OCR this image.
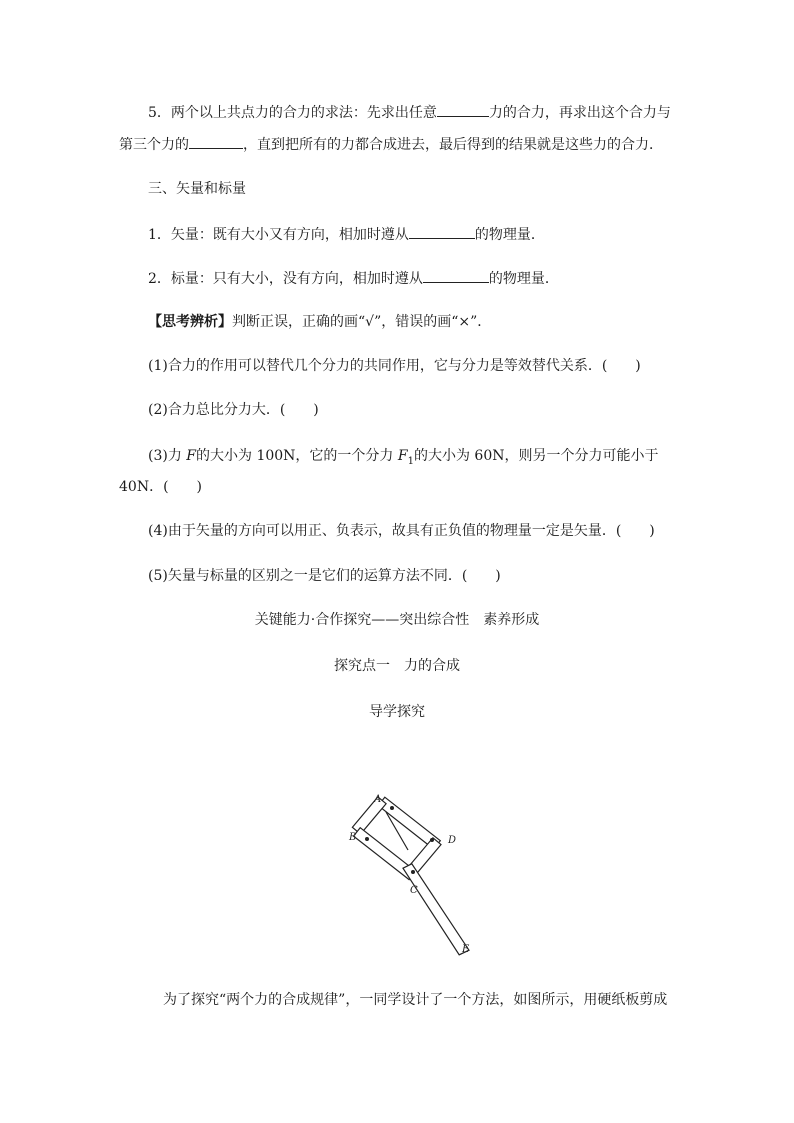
5．两个以上共点力的合力的求法：先求出任意	力的合力，再求出这个合力与
第三个力的	，直到把所有的力都合成进去，最后得到的结果就是这些力的合力．
三、矢量和标量
1．矢量：既有大小又有方向，相加时遵从	的物理量．
2．标量：只有大小，没有方向，相加时遵从	的物理量．
【思考辨析】判断正误，正确的画“√”，错误的画“×”．
(1)合力的作用可以替代几个分力的共同作用，它与分力是等效替代关系．(　　)
(2)合力总比分力大．(　　)
(3)力 F的大小为 100N，它的一个分力 $F_1$的大小为 60N，则另一个分力可能小于
40N．(　　)
(4)由于矢量的方向可以用正、负表示，故具有正负值的物理量一定是矢量．(　　)
(5)矢量与标量的区别之一是它们的运算方法不同．(　　)
关键能力·合作探究——突出综合性　素养形成
探究点一　力的合成
导学探究
A
B
C
D
E
为了探究“两个力的合成规律”，一同学设计了一个方法，如图所示，用硬纸板剪成
